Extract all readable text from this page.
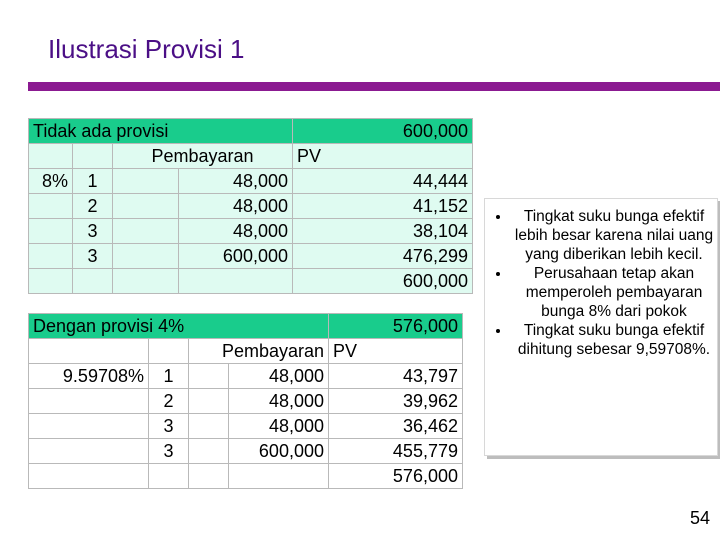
Ilustrasi Provisi 1
Tidak ada provisi				600,000
		Pembayaran		PV
8%	1		48,000	44,444
	2		48,000	41,152
	3		48,000	38,104
	3		600,000	476,299
				600,000
Dengan provisi 4%				576,000
		Pembayaran		PV
9.59708%	1		48,000	43,797
	2		48,000	39,962
	3		48,000	36,462
	3		600,000	455,779
				576,000
• Tingkat suku bunga efektif lebih besar karena nilai uang yang diberikan lebih kecil.
• Perusahaan tetap akan memperoleh pembayaran bunga 8% dari pokok
• Tingkat suku bunga efektif dihitung sebesar 9,59708%.
54
